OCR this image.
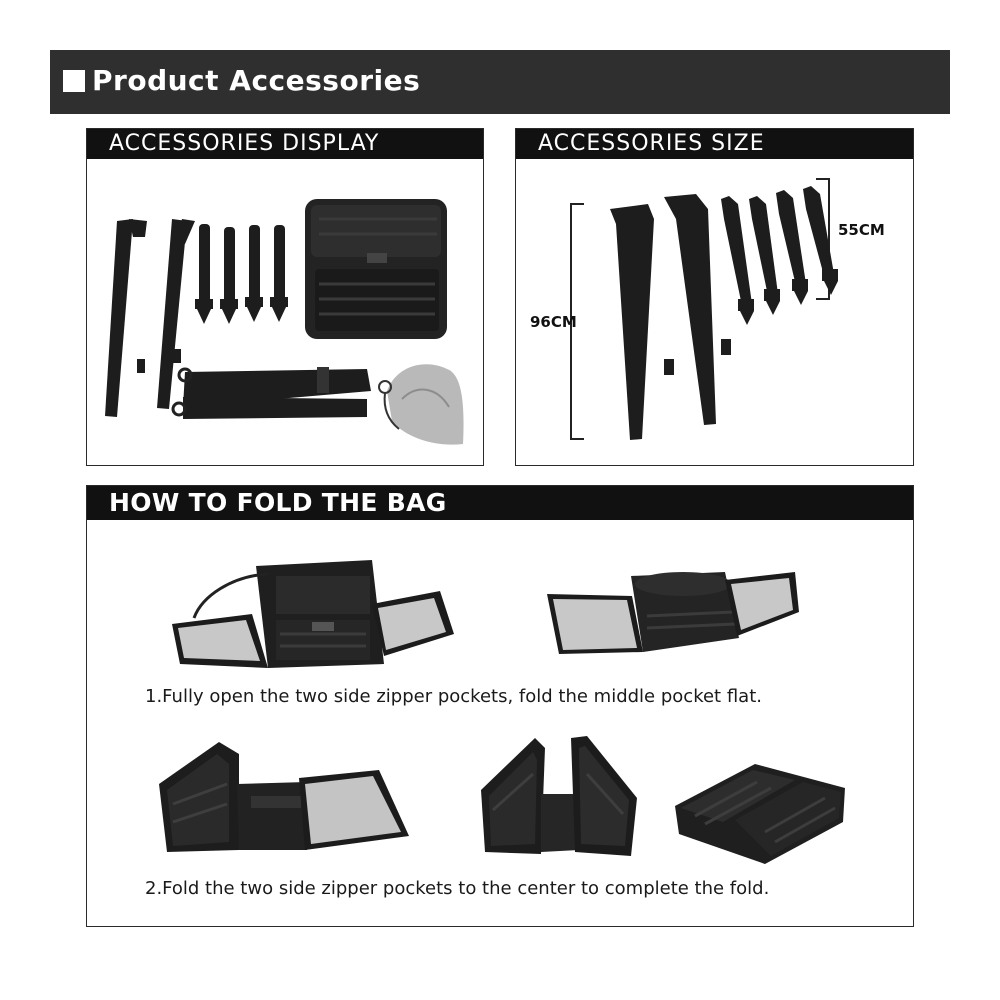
Product Accessories
ACCESSORIES DISPLAY	ACCESSORIES SIZE
96CM
55CM
HOW TO FOLD THE BAG
1.Fully open the two side zipper pockets, fold the middle pocket flat.
2.Fold the two side zipper pockets to the center to complete the fold.
